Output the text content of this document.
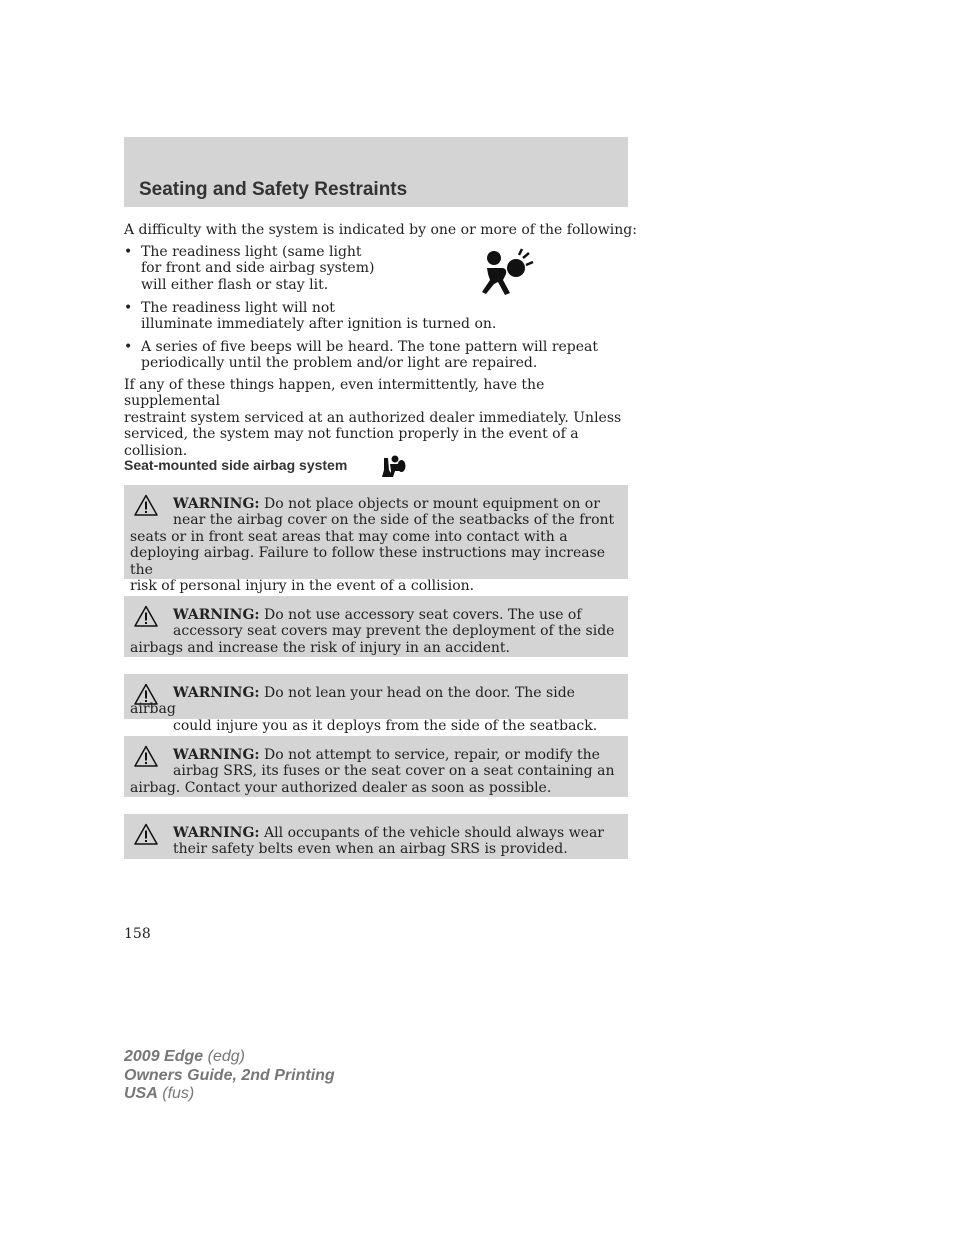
Seating and Safety Restraints
A difficulty with the system is indicated by one or more of the following:
• The readiness light (same light
for front and side airbag system)
will either flash or stay lit.
• The readiness light will not
illuminate immediately after ignition is turned on.
• A series of five beeps will be heard. The tone pattern will repeat
periodically until the problem and/or light are repaired.
If any of these things happen, even intermittently, have the supplemental
restraint system serviced at an authorized dealer immediately. Unless
serviced, the system may not function properly in the event of a
collision.
Seat-mounted side airbag system
WARNING: Do not place objects or mount equipment on or
near the airbag cover on the side of the seatbacks of the front
seats or in front seat areas that may come into contact with a
deploying airbag. Failure to follow these instructions may increase the
risk of personal injury in the event of a collision.
WARNING: Do not use accessory seat covers. The use of
accessory seat covers may prevent the deployment of the side
airbags and increase the risk of injury in an accident.
WARNING: Do not lean your head on the door. The side airbag
could injure you as it deploys from the side of the seatback.
WARNING: Do not attempt to service, repair, or modify the
airbag SRS, its fuses or the seat cover on a seat containing an
airbag. Contact your authorized dealer as soon as possible.
WARNING: All occupants of the vehicle should always wear
their safety belts even when an airbag SRS is provided.
158
2009 Edge (edg)
Owners Guide, 2nd Printing
USA (fus)
